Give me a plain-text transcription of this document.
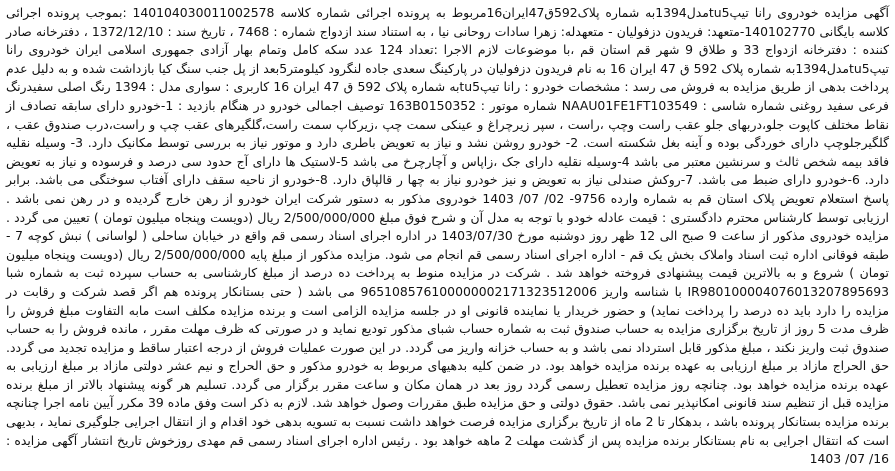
آگهی مزایده خودروی رانا تیپtu5مدل1394به شماره پلاک592ق47ایران16مربوط به پرونده اجرائی شماره کلاسه 140104030011002578 :بموجب پرونده اجرائی کلاسه بایگانی 140102770-متعهد: فریدون دزفولیان - متعهدله: زهرا سادات روحانی نیا ، به استناد سند ازدواج شماره : 7468 ، تاریخ سند : 1372/12/10 ، دفترخانه صادر کننده : دفترخانه ازدواج 33 و طلاق 9 شهر قم استان قم ،با موضوعات لازم الاجرا :تعداد 124 عدد سکه کامل وتمام بهار آزادی جمهوری اسلامی ایران خودروی رانا تیپtu5مدل1394به شماره پلاک 592 ق 47 ایران 16 به نام فریدون دزفولیان در پارکینگ سعدی جاده لنگرود کیلومتر5بعد از پل جنب سنگ کیا بازداشت شده و به دلیل عدم پرداخت بدهی از طریق مزایده به فروش می رسد : مشخصات خودرو : رانا تیپtu5به شماره پلاک 592 ق 47 ایران 16 کاربری : سواری مدل : 1394 رنگ اصلی سفیدرنگ فرعی سفید روغنی شماره شاسی : NAAU01FE1FT103549 شماره موتور : 163B0150352 توصیف اجمالی خودرو در هنگام بازدید : 1-خودرو دارای سابقه تصادف از نقاط مختلف کاپوت جلو،دربهای جلو عقب راست وچپ ،راست ، سپر زیرچراغ و عینکی سمت چپ ،زیرکاپ سمت راست،گلگیرهای عقب چپ و راست،درب صندوق عقب ، گلگیرجلوچپ دارای خوردگی بوده و آینه بغل شکسته است. 2- خودرو روشن نشد و نیاز به تعویض باطری دارد و موتور نیاز به بررسی توسط مکانیک دارد. 3- وسیله نقلیه فاقد بیمه شخص ثالث و سرنشین معتبر می باشد 4-وسیله نقلیه دارای جک ،زاپاس و آچارچرخ می باشد 5-لاستیک ها دارای آج حدود سی درصد و فرسوده و نیاز به تعویض دارد. 6-خودرو دارای ضبط می باشد. 7-روکش صندلی نیاز به تعویض و نیز خودرو نیاز به چها ر قالپاق دارد. 8-خودرو از ناحیه سقف دارای آفتاب سوختگی می باشد. برابر پاسخ استعلام تعویض پلاک استان قم به شماره وارده 9756- 02/ 07/ 1403 خودروی مذکور به دستور شرکت ایران خودرو از رهن خارج گردیده و در رهن نمی باشد . ارزیابی توسط کارشناس محترم دادگستری : قیمت عادله خودو با توجه به مدل آن و شرح فوق مبلغ 2/500/000/000 ریال (دویست وپنجاه میلیون تومان ) تعیین می گردد . مزایده خودروی مذکور از ساعت 9 صبح الی 12 ظهر روز دوشنبه مورخ 1403/07/30 در اداره اجرای اسناد رسمی قم واقع در خیابان ساحلی ( لواسانی ) نبش کوچه 7 - طبقه فوقانی اداره ثبت اسناد واملاک بخش یک قم - اداره اجرای اسناد رسمی قم انجام می شود. مزایده مذکور از مبلغ پایه 2/500/000/000 ریال (دویست وپنجاه میلیون تومان ) شروع و به بالاترین قیمت پیشنهادی فروخته خواهد شد . شرکت در مزایده منوط به پرداخت ده درصد از مبلغ کارشناسی به حساب سپرده ثبت به شماره شبا IR980100004076013207895693 با شناسه واریز 965108576100000002171323512006 می باشد ( حتی بستانکار پرونده هم اگر قصد شرکت و رقابت در مزایده را دارد باید ده درصد را پرداخت نماید) و حضور خریدار یا نماینده قانونی او در جلسه مزایده الزامی است و برنده مزایده مکلف است مابه التفاوت مبلغ فروش را ظرف مدت 5 روز از تاریخ برگزاری مزایده به حساب صندوق ثبت به شماره حساب شبای مذکور تودیع نماید و در صورتی که ظرف مهلت مقرر ، مانده فروش را به حساب صندوق ثبت واریز نکند ، مبلغ مذکور قابل استرداد نمی باشد و به حساب خزانه واریز می گردد. در این صورت عملیات فروش از درجه اعتبار ساقط و مزایده تجدید می گردد. حق الحراج مازاد بر مبلغ ارزیابی به عهده برنده مزایده خواهد بود. در ضمن کلیه بدهیهای مربوط به خودرو مذکور و حق الحراج و نیم عشر دولتی مازاد بر مبلغ ارزیابی به عهده برنده مزایده خواهد بود. چنانچه روز مزایده تعطیل رسمی گردد روز بعد در همان مکان و ساعت مقرر برگزار می گردد. تسلیم هر گونه پیشنهاد بالاتر از مبلغ برنده مزایده قبل از تنظیم سند قانونی امکانپذیر نمی باشد. حقوق دولتی و حق مزایده طبق مقررات وصول خواهد شد. لازم به ذکر است وفق ماده 39 مکرر آیین نامه اجرا چنانچه برنده مزایده بستانکار پرونده باشد ، بدهکار تا 2 ماه از تاریخ برگزاری مزایده فرصت خواهد داشت نسبت به تسویه بدهی خود اقدام و از انتقال اجرایی جلوگیری نماید ، بدیهی است که انتقال اجرایی به نام بستانکار برنده مزایده پس از گذشت مهلت 2 ماهه خواهد بود . رئیس اداره اجرای اسناد رسمی قم مهدی روزخوش تاریخ انتشار آگهی مزایده : 16/ 07/ 1403
